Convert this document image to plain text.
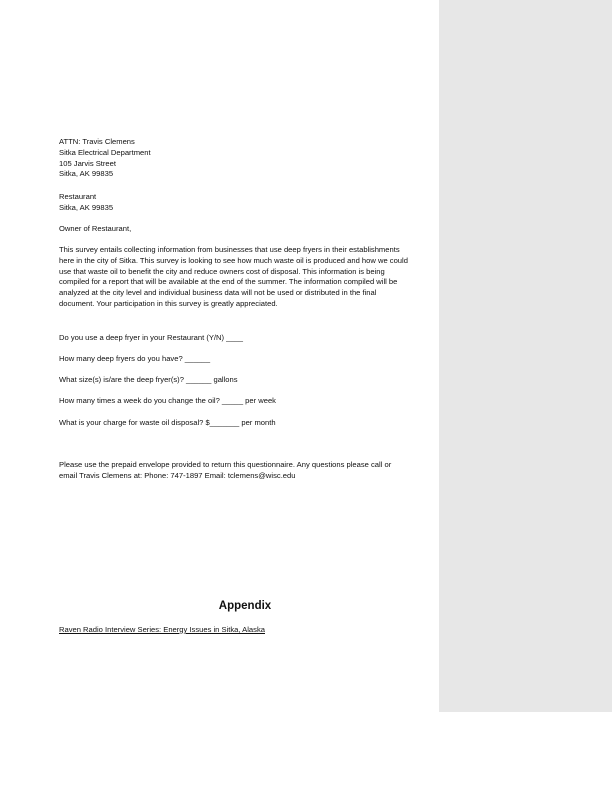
ATTN: Travis Clemens
Sitka Electrical Department
105 Jarvis Street
Sitka, AK 99835
Restaurant
Sitka, AK 99835
Owner of Restaurant,
This survey entails collecting information from businesses that use deep fryers in their establishments
here in the city of Sitka. This survey is looking to see how much waste oil is produced and how we could
use that waste oil to benefit the city and reduce owners cost of disposal. This information is being
compiled for a report that will be available at the end of the summer. The information compiled will be
analyzed at the city level and individual business data will not be used or distributed in the final
document. Your participation in this survey is greatly appreciated.
Do you use a deep fryer in your Restaurant (Y/N) ____
How many deep fryers do you have? ______
What size(s) is/are the deep fryer(s)? ______ gallons
How many times a week do you change the oil? _____ per week
What is your charge for waste oil disposal? $_______ per month
Please use the prepaid envelope provided to return this questionnaire. Any questions please call or
email Travis Clemens at: Phone: 747-1897 Email: tclemens@wisc.edu
Appendix
Raven Radio Interview Series: Energy Issues in Sitka, Alaska
